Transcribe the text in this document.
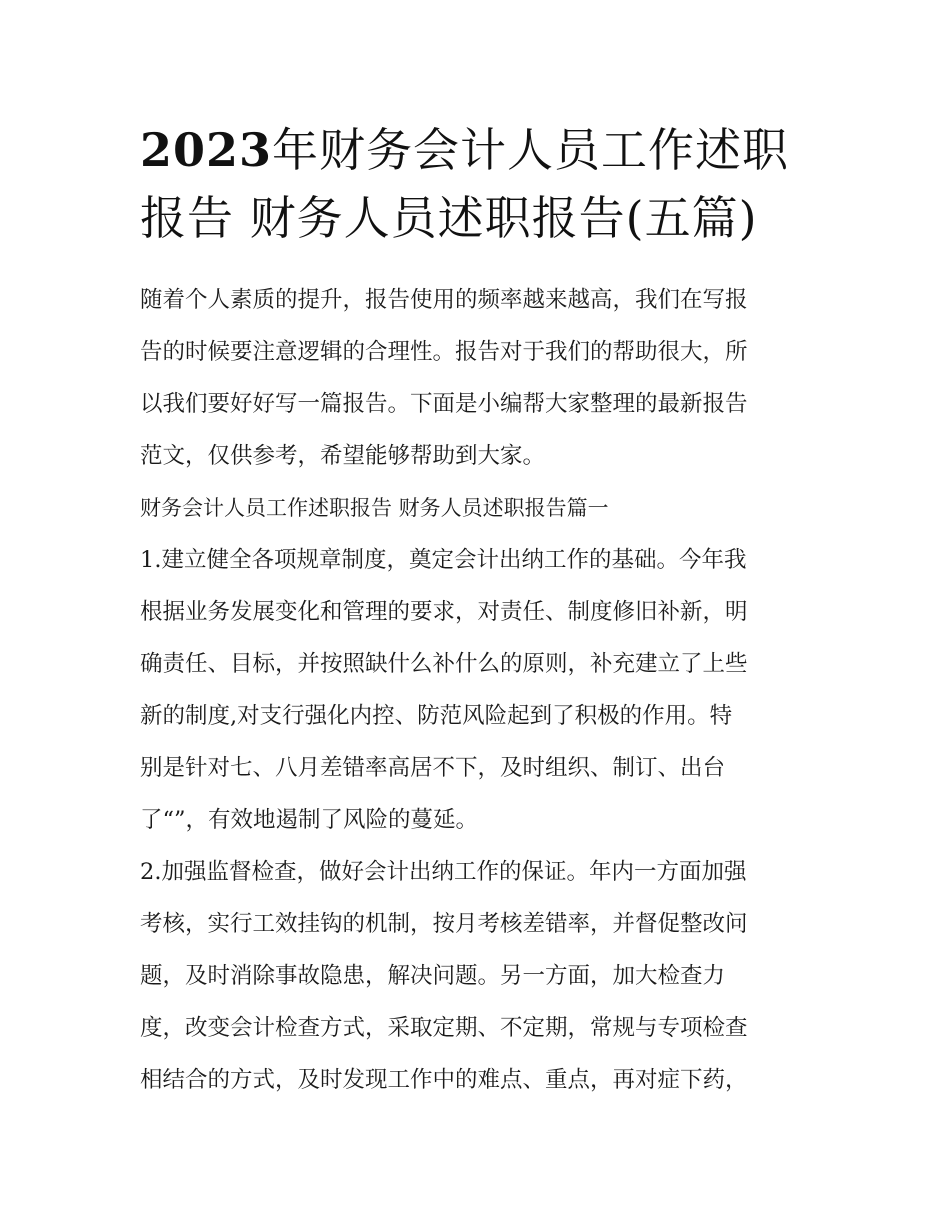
2023年财务会计人员工作述职
报告 财务人员述职报告(五篇)

随着个人素质的提升，报告使用的频率越来越高，我们在写报
告的时候要注意逻辑的合理性。报告对于我们的帮助很大，所
以我们要好好写一篇报告。下面是小编帮大家整理的最新报告
范文，仅供参考，希望能够帮助到大家。

财务会计人员工作述职报告 财务人员述职报告篇一

1.建立健全各项规章制度，奠定会计出纳工作的基础。今年我
根据业务发展变化和管理的要求，对责任、制度修旧补新，明
确责任、目标，并按照缺什么补什么的原则，补充建立了上些
新的制度,对支行强化内控、防范风险起到了积极的作用。特
别是针对七、八月差错率高居不下，及时组织、制订、出台
了“”，有效地遏制了风险的蔓延。

2.加强监督检查，做好会计出纳工作的保证。年内一方面加强
考核，实行工效挂钩的机制，按月考核差错率，并督促整改问
题，及时消除事故隐患，解决问题。另一方面，加大检查力
度，改变会计检查方式，采取定期、不定期，常规与专项检查
相结合的方式，及时发现工作中的难点、重点，再对症下药，
